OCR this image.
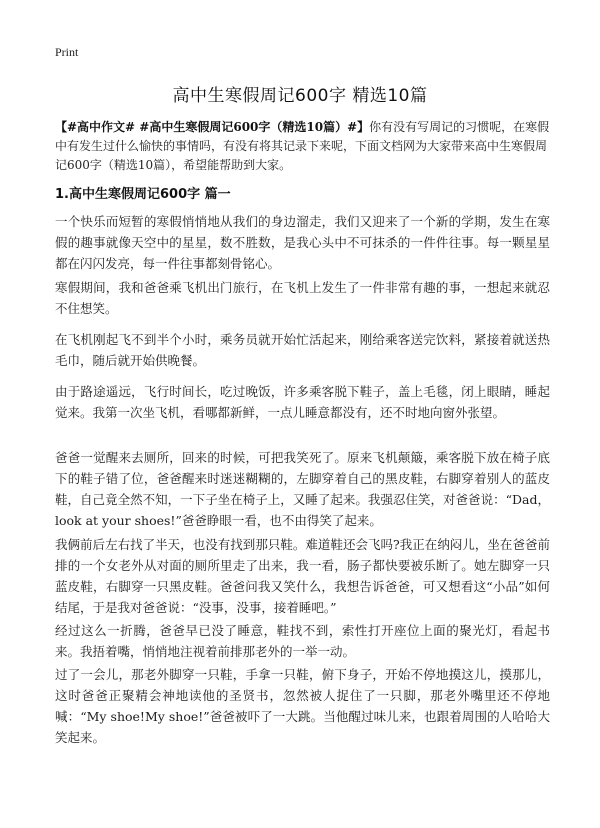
Print
高中生寒假周记600字 精选10篇
【#高中作文# #高中生寒假周记600字（精选10篇）#】你有没有写周记的习惯呢，在寒假中有发生过什么愉快的事情吗，有没有将其记录下来呢，下面文档网为大家带来高中生寒假周记600字（精选10篇），希望能帮助到大家。
1.高中生寒假周记600字 篇一

一个快乐而短暂的寒假悄悄地从我们的身边溜走，我们又迎来了一个新的学期，发生在寒假的趣事就像天空中的星星，数不胜数，是我心头中不可抹杀的一件件往事。每一颗星星都在闪闪发亮，每一件往事都刻骨铭心。

寒假期间，我和爸爸乘飞机出门旅行，在飞机上发生了一件非常有趣的事，一想起来就忍不住想笑。

在飞机刚起飞不到半个小时，乘务员就开始忙活起来，刚给乘客送完饮料，紧接着就送热毛巾，随后就开始供晚餐。

由于路途遥远，飞行时间长，吃过晚饭，许多乘客脱下鞋子，盖上毛毯，闭上眼睛，睡起觉来。我第一次坐飞机，看哪都新鲜，一点儿睡意都没有，还不时地向窗外张望。

爸爸一觉醒来去厕所，回来的时候，可把我笑死了。原来飞机颠簸，乘客脱下放在椅子底下的鞋子错了位，爸爸醒来时迷迷糊糊的，左脚穿着自己的黑皮鞋，右脚穿着别人的蓝皮鞋，自己竟全然不知，一下子坐在椅子上，又睡了起来。我强忍住笑，对爸爸说：“Dad，look at your shoes!”爸爸睁眼一看，也不由得笑了起来。

我俩前后左右找了半天，也没有找到那只鞋。难道鞋还会飞吗?我正在纳闷儿，坐在爸爸前排的一个女老外从对面的厕所里走了出来，我一看，肠子都快要被乐断了。她左脚穿一只蓝皮鞋，右脚穿一只黑皮鞋。爸爸问我又笑什么，我想告诉爸爸，可又想看这“小品”如何结尾，于是我对爸爸说：“没事，没事，接着睡吧。”

经过这么一折腾，爸爸早已没了睡意，鞋找不到，索性打开座位上面的聚光灯，看起书来。我捂着嘴，悄悄地注视着前排那老外的一举一动。

过了一会儿，那老外脚穿一只鞋，手拿一只鞋，俯下身子，开始不停地摸这儿，摸那儿，这时爸爸正聚精会神地读他的圣贤书，忽然被人捉住了一只脚，那老外嘴里还不停地喊：“My shoe!My shoe!”爸爸被吓了一大跳。当他醒过味儿来，也跟着周围的人哈哈大笑起来。
